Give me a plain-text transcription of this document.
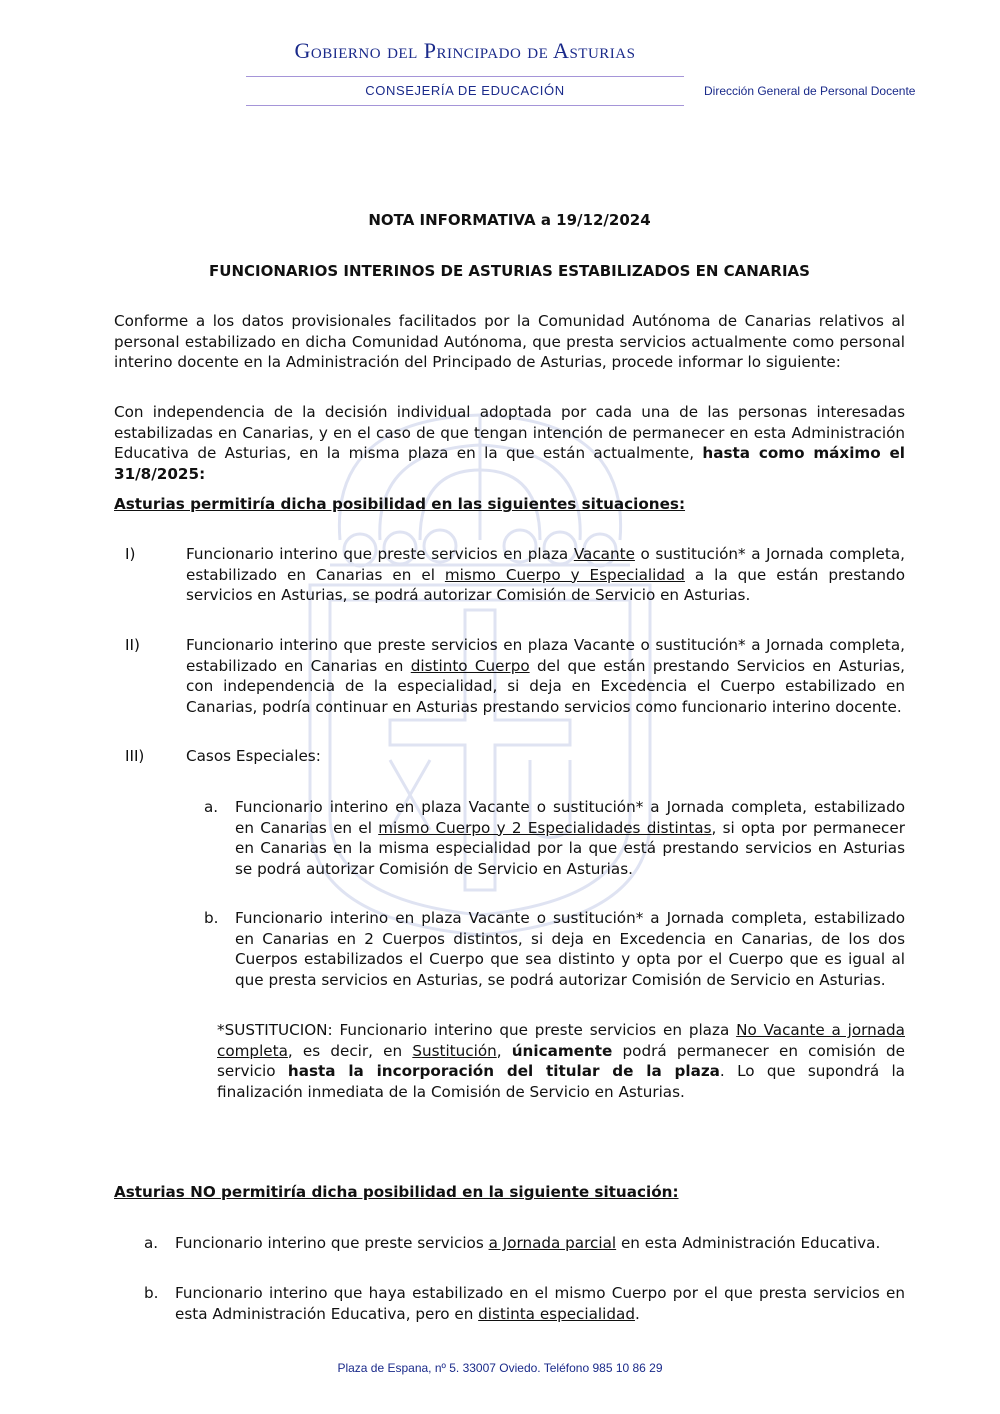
Gobierno del Principado de Asturias
CONSEJERÍA DE EDUCACIÓN	Dirección General de Personal Docente
NOTA INFORMATIVA a 19/12/2024
FUNCIONARIOS INTERINOS DE ASTURIAS ESTABILIZADOS EN CANARIAS
Conforme a los datos provisionales facilitados por la Comunidad Autónoma de Canarias relativos al personal estabilizado en dicha Comunidad Autónoma, que presta servicios actualmente como personal interino docente en la Administración del Principado de Asturias, procede informar lo siguiente:
Con independencia de la decisión individual adoptada por cada una de las personas interesadas estabilizadas en Canarias, y en el caso de que tengan intención de permanecer en esta Administración Educativa de Asturias, en la misma plaza en la que están actualmente, hasta como máximo el 31/8/2025:
Asturias permitiría dicha posibilidad en las siguientes situaciones:
I)	Funcionario interino que preste servicios en plaza Vacante o sustitución* a Jornada completa, estabilizado en Canarias en el mismo Cuerpo y Especialidad a la que están prestando servicios en Asturias, se podrá autorizar Comisión de Servicio en Asturias.
II)	Funcionario interino que preste servicios en plaza Vacante o sustitución* a Jornada completa, estabilizado en Canarias en distinto Cuerpo del que están prestando Servicios en Asturias, con independencia de la especialidad, si deja en Excedencia el Cuerpo estabilizado en Canarias, podría continuar en Asturias prestando servicios como funcionario interino docente.
III)	Casos Especiales:
a. Funcionario interino en plaza Vacante o sustitución* a Jornada completa, estabilizado en Canarias en el mismo Cuerpo y 2 Especialidades distintas, si opta por permanecer en Canarias en la misma especialidad por la que está prestando servicios en Asturias se podrá autorizar Comisión de Servicio en Asturias.
b. Funcionario interino en plaza Vacante o sustitución* a Jornada completa, estabilizado en Canarias en 2 Cuerpos distintos, si deja en Excedencia en Canarias, de los dos Cuerpos estabilizados el Cuerpo que sea distinto y opta por el Cuerpo que es igual al que presta servicios en Asturias, se podrá autorizar Comisión de Servicio en Asturias.
*SUSTITUCION: Funcionario interino que preste servicios en plaza No Vacante a jornada completa, es decir, en Sustitución, únicamente podrá permanecer en comisión de servicio hasta la incorporación del titular de la plaza. Lo que supondrá la finalización inmediata de la Comisión de Servicio en Asturias.
Asturias NO permitiría dicha posibilidad en la siguiente situación:
a. Funcionario interino que preste servicios a Jornada parcial en esta Administración Educativa.
b. Funcionario interino que haya estabilizado en el mismo Cuerpo por el que presta servicios en esta Administración Educativa, pero en distinta especialidad.
Plaza de Espana, nº 5. 33007 Oviedo. Teléfono 985 10 86 29
